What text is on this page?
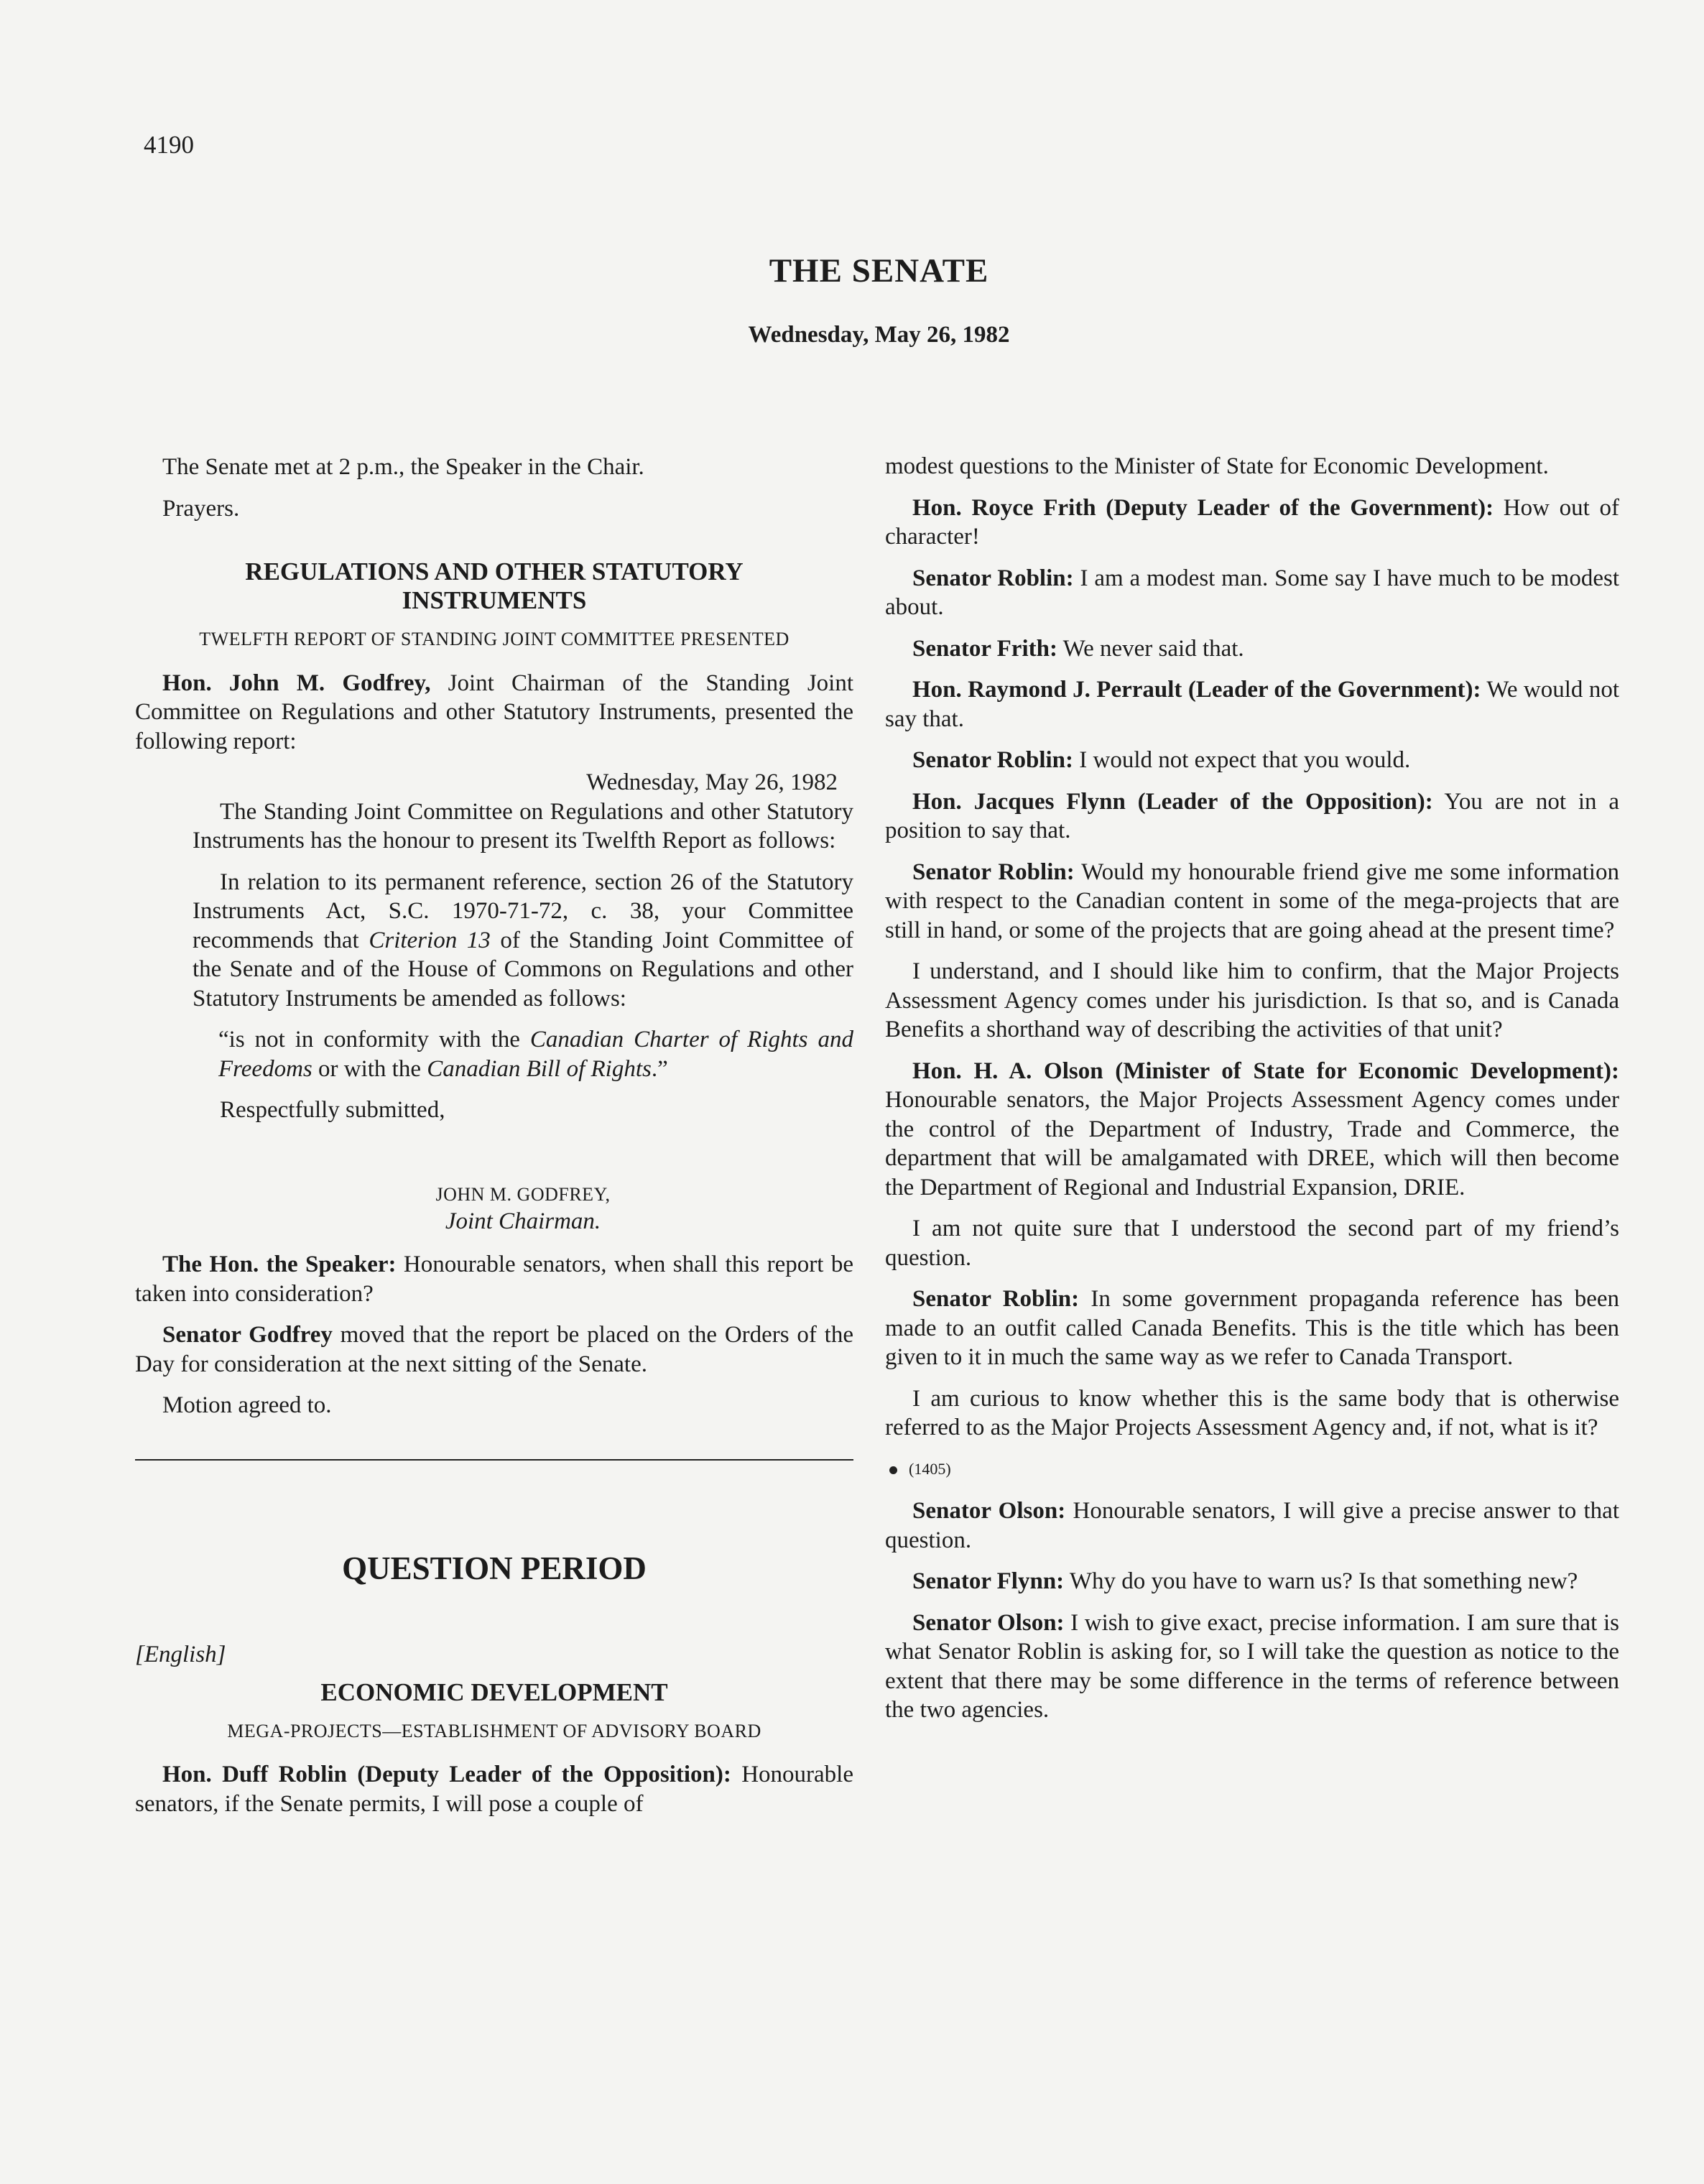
4190
THE SENATE
Wednesday, May 26, 1982

The Senate met at 2 p.m., the Speaker in the Chair.

Prayers.

REGULATIONS AND OTHER STATUTORY INSTRUMENTS
TWELFTH REPORT OF STANDING JOINT COMMITTEE PRESENTED

Hon. John M. Godfrey, Joint Chairman of the Standing Joint Committee on Regulations and other Statutory Instruments, presented the following report:

Wednesday, May 26, 1982

The Standing Joint Committee on Regulations and other Statutory Instruments has the honour to present its Twelfth Report as follows:

In relation to its permanent reference, section 26 of the Statutory Instruments Act, S.C. 1970-71-72, c. 38, your Committee recommends that Criterion 13 of the Standing Joint Committee of the Senate and of the House of Commons on Regulations and other Statutory Instruments be amended as follows:

“is not in conformity with the Canadian Charter of Rights and Freedoms or with the Canadian Bill of Rights.”

Respectfully submitted,

JOHN M. GODFREY,
Joint Chairman.

The Hon. the Speaker: Honourable senators, when shall this report be taken into consideration?

Senator Godfrey moved that the report be placed on the Orders of the Day for consideration at the next sitting of the Senate.

Motion agreed to.

QUESTION PERIOD
[English]
ECONOMIC DEVELOPMENT
MEGA-PROJECTS—ESTABLISHMENT OF ADVISORY BOARD

Hon. Duff Roblin (Deputy Leader of the Opposition): Honourable senators, if the Senate permits, I will pose a couple of

modest questions to the Minister of State for Economic Development.

Hon. Royce Frith (Deputy Leader of the Government): How out of character!

Senator Roblin: I am a modest man. Some say I have much to be modest about.

Senator Frith: We never said that.

Hon. Raymond J. Perrault (Leader of the Government): We would not say that.

Senator Roblin: I would not expect that you would.

Hon. Jacques Flynn (Leader of the Opposition): You are not in a position to say that.

Senator Roblin: Would my honourable friend give me some information with respect to the Canadian content in some of the mega-projects that are still in hand, or some of the projects that are going ahead at the present time?

I understand, and I should like him to confirm, that the Major Projects Assessment Agency comes under his jurisdiction. Is that so, and is Canada Benefits a shorthand way of describing the activities of that unit?

Hon. H. A. Olson (Minister of State for Economic Development): Honourable senators, the Major Projects Assessment Agency comes under the control of the Department of Industry, Trade and Commerce, the department that will be amalgamated with DREE, which will then become the Department of Regional and Industrial Expansion, DRIE.

I am not quite sure that I understood the second part of my friend’s question.

Senator Roblin: In some government propaganda reference has been made to an outfit called Canada Benefits. This is the title which has been given to it in much the same way as we refer to Canada Transport.

I am curious to know whether this is the same body that is otherwise referred to as the Major Projects Assessment Agency and, if not, what is it?

(1405)

Senator Olson: Honourable senators, I will give a precise answer to that question.

Senator Flynn: Why do you have to warn us? Is that something new?

Senator Olson: I wish to give exact, precise information. I am sure that is what Senator Roblin is asking for, so I will take the question as notice to the extent that there may be some difference in the terms of reference between the two agencies.
